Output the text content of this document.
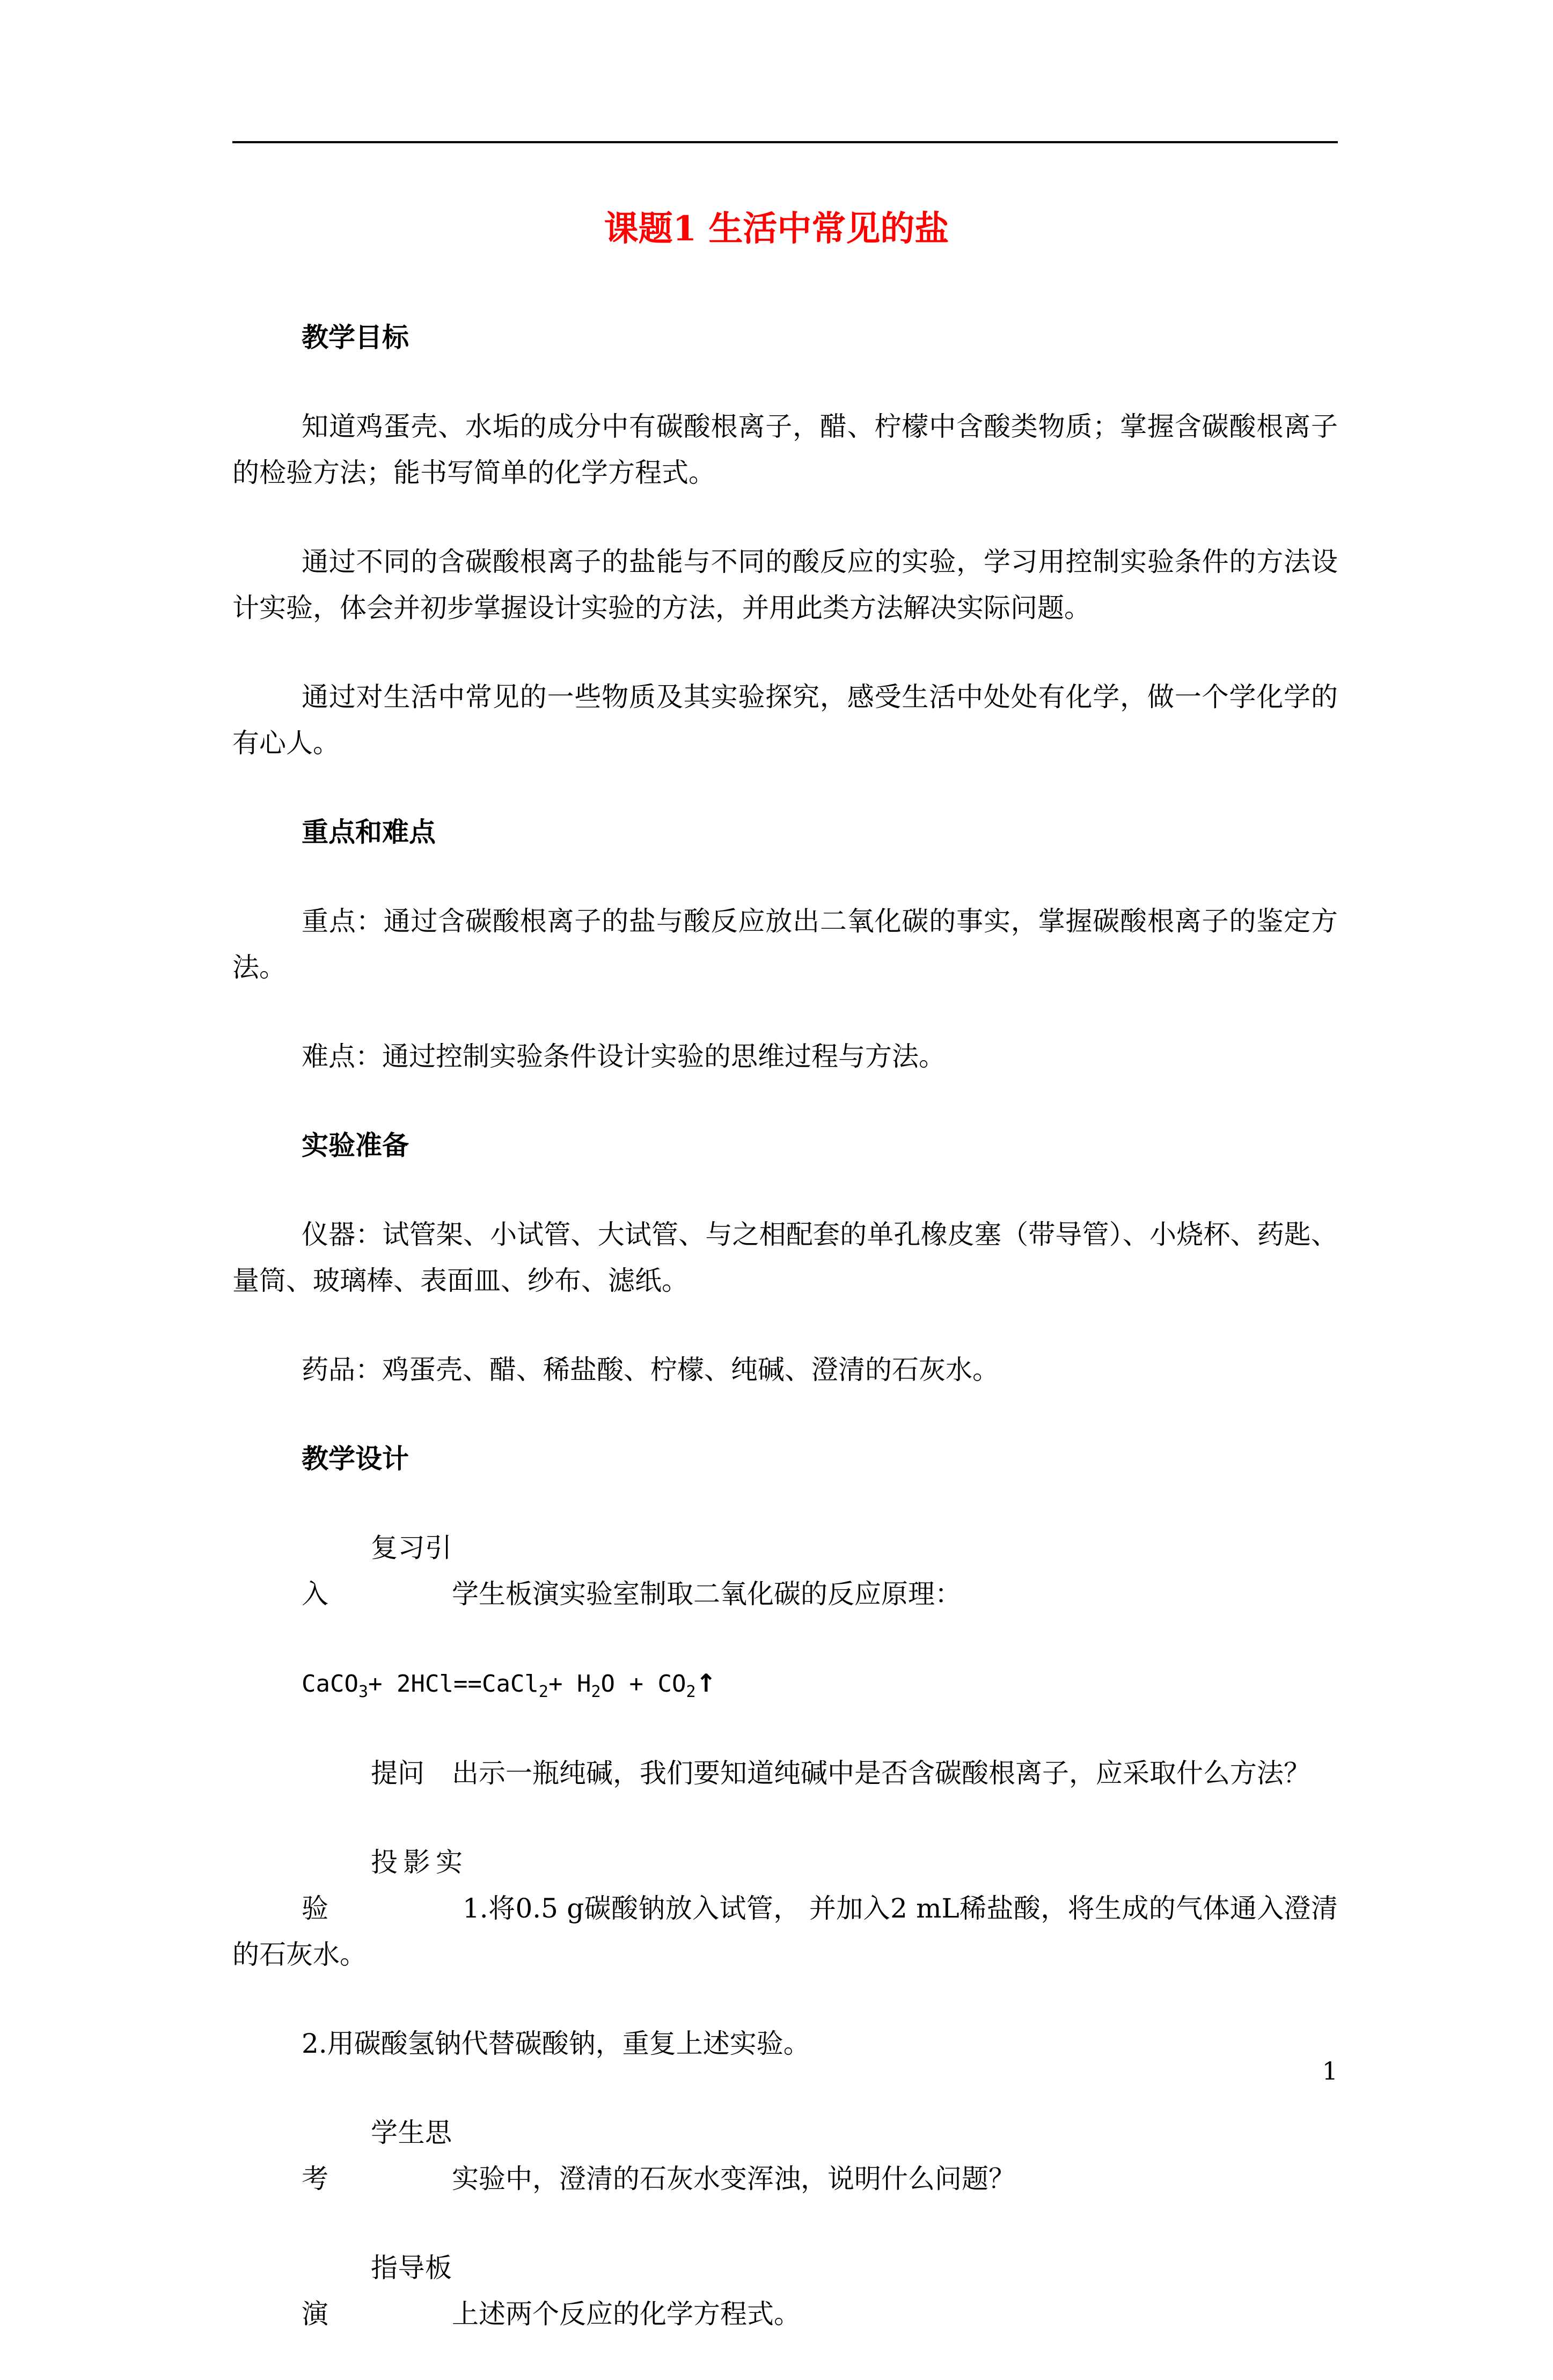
课题1 生活中常见的盐

教学目标

知道鸡蛋壳、水垢的成分中有碳酸根离子，醋、柠檬中含酸类物质；掌握含碳酸根离子的检验方法；能书写简单的化学方程式。

通过不同的含碳酸根离子的盐能与不同的酸反应的实验，学习用控制实验条件的方法设计实验，体会并初步掌握设计实验的方法，并用此类方法解决实际问题。

通过对生活中常见的一些物质及其实验探究，感受生活中处处有化学，做一个学化学的有心人。

重点和难点

重点：通过含碳酸根离子的盐与酸反应放出二氧化碳的事实，掌握碳酸根离子的鉴定方法。

难点：通过控制实验条件设计实验的思维过程与方法。

实验准备

仪器：试管架、小试管、大试管、与之相配套的单孔橡皮塞（带导管）、小烧杯、药匙、量筒、玻璃棒、表面皿、纱布、滤纸。

药品：鸡蛋壳、醋、稀盐酸、柠檬、纯碱、澄清的石灰水。

教学设计

复习引入	学生板演实验室制取二氧化碳的反应原理：

CaCO$_3$+ 2HCl==CaCl$_2$+ $H_2O$ + $CO_2↑$

提问 出示一瓶纯碱，我们要知道纯碱中是否含碳酸根离子，应采取什么方法？

投影实验	1.将0.5 g碳酸钠放入试管， 并加入2 mL稀盐酸，将生成的气体通入澄清的石灰水。

2.用碳酸氢钠代替碳酸钠，重复上述实验。

学生思考	实验中，澄清的石灰水变浑浊，说明什么问题？

指导板演	上述两个反应的化学方程式。

1
